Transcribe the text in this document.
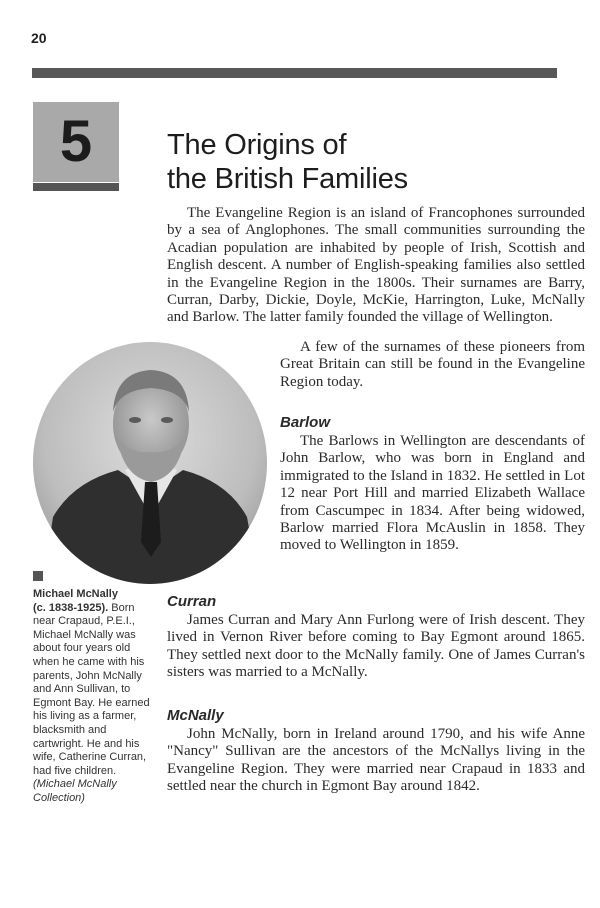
20
5	The Origins of
the British Families

The Evangeline Region is an island of Francophones surrounded by a sea of Anglophones. The small communities surrounding the Acadian population are inhabited by people of Irish, Scottish and English descent. A number of English-speaking families also settled in the Evangeline Region in the 1800s. Their surnames are Barry, Curran, Darby, Dickie, Doyle, McKie, Harrington, Luke, McNally and Barlow. The latter family founded the village of Wellington.

A few of the surnames of these pioneers from Great Britain can still be found in the Evangeline Region today.

Michael McNally
(c. 1838-1925). Born near Crapaud, P.E.I., Michael McNally was about four years old when he came with his parents, John McNally and Ann Sullivan, to Egmont Bay. He earned his living as a farmer, blacksmith and cartwright. He and his wife, Catherine Curran, had five children. (Michael McNally Collection)
Barlow

The Barlows in Wellington are descendants of John Barlow, who was born in England and immigrated to the Island in 1832. He settled in Lot 12 near Port Hill and married Elizabeth Wallace from Cascumpec in 1834. After being widowed, Barlow married Flora McAuslin in 1858. They moved to Wellington in 1859.

Curran

James Curran and Mary Ann Furlong were of Irish descent. They lived in Vernon River before coming to Bay Egmont around 1865. They settled next door to the McNally family. One of James Curran's sisters was married to a McNally.

McNally

John McNally, born in Ireland around 1790, and his wife Anne "Nancy" Sullivan are the ancestors of the McNallys living in the Evangeline Region. They were married near Crapaud in 1833 and settled near the church in Egmont Bay around 1842.
